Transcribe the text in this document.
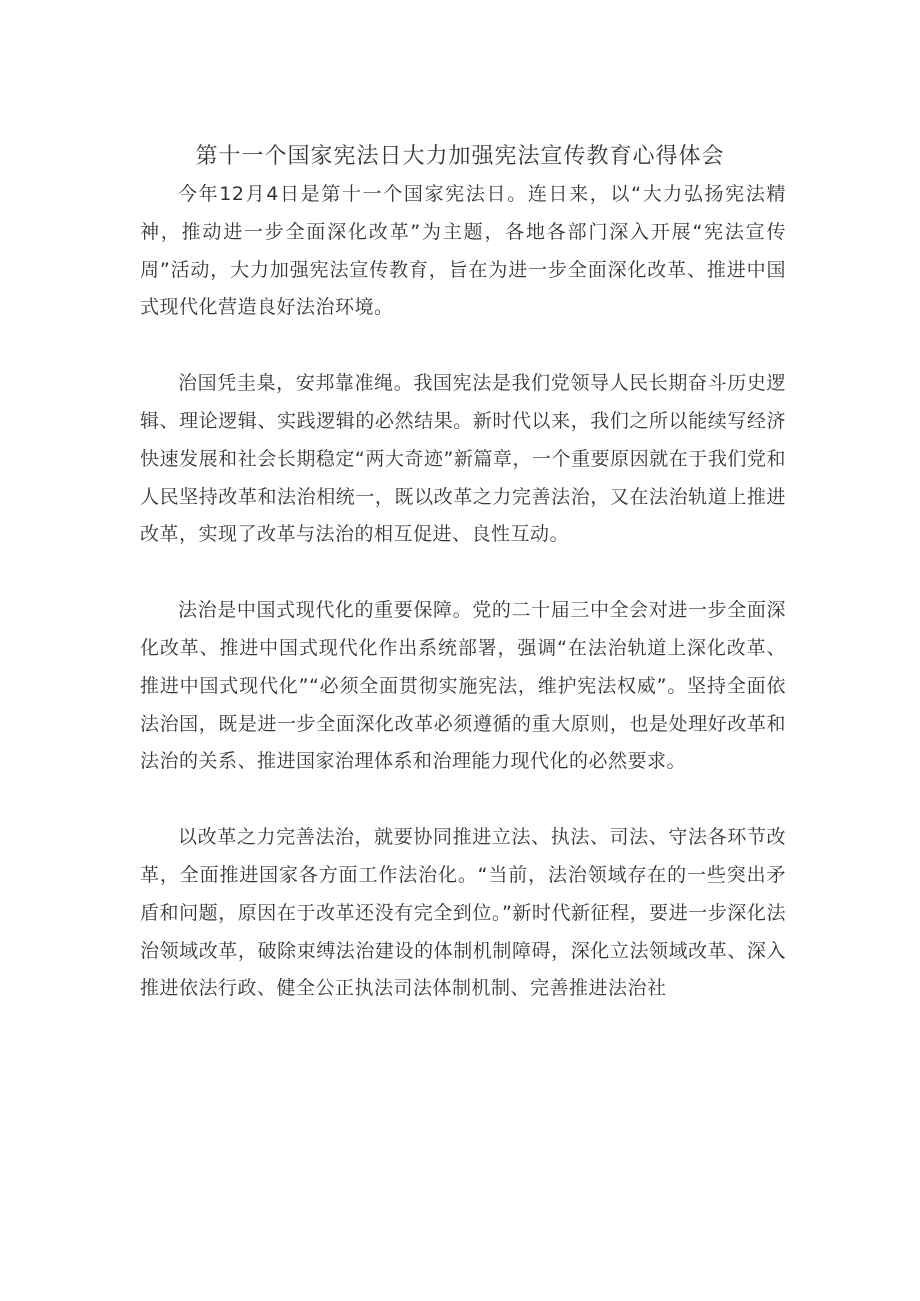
第十一个国家宪法日大力加强宪法宣传教育心得体会

今年12月4日是第十一个国家宪法日。连日来，以“大力弘扬宪法精神，推动进一步全面深化改革”为主题，各地各部门深入开展“宪法宣传周”活动，大力加强宪法宣传教育，旨在为进一步全面深化改革、推进中国式现代化营造良好法治环境。

治国凭圭臬，安邦靠准绳。我国宪法是我们党领导人民长期奋斗历史逻辑、理论逻辑、实践逻辑的必然结果。新时代以来，我们之所以能续写经济快速发展和社会长期稳定“两大奇迹”新篇章，一个重要原因就在于我们党和人民坚持改革和法治相统一，既以改革之力完善法治，又在法治轨道上推进改革，实现了改革与法治的相互促进、良性互动。

法治是中国式现代化的重要保障。党的二十届三中全会对进一步全面深化改革、推进中国式现代化作出系统部署，强调“在法治轨道上深化改革、推进中国式现代化”“必须全面贯彻实施宪法，维护宪法权威”。坚持全面依法治国，既是进一步全面深化改革必须遵循的重大原则，也是处理好改革和法治的关系、推进国家治理体系和治理能力现代化的必然要求。

以改革之力完善法治，就要协同推进立法、执法、司法、守法各环节改革，全面推进国家各方面工作法治化。“当前，法治领域存在的一些突出矛盾和问题，原因在于改革还没有完全到位。”新时代新征程，要进一步深化法治领域改革，破除束缚法治建设的体制机制障碍，深化立法领域改革、深入推进依法行政、健全公正执法司法体制机制、完善推进法治社
